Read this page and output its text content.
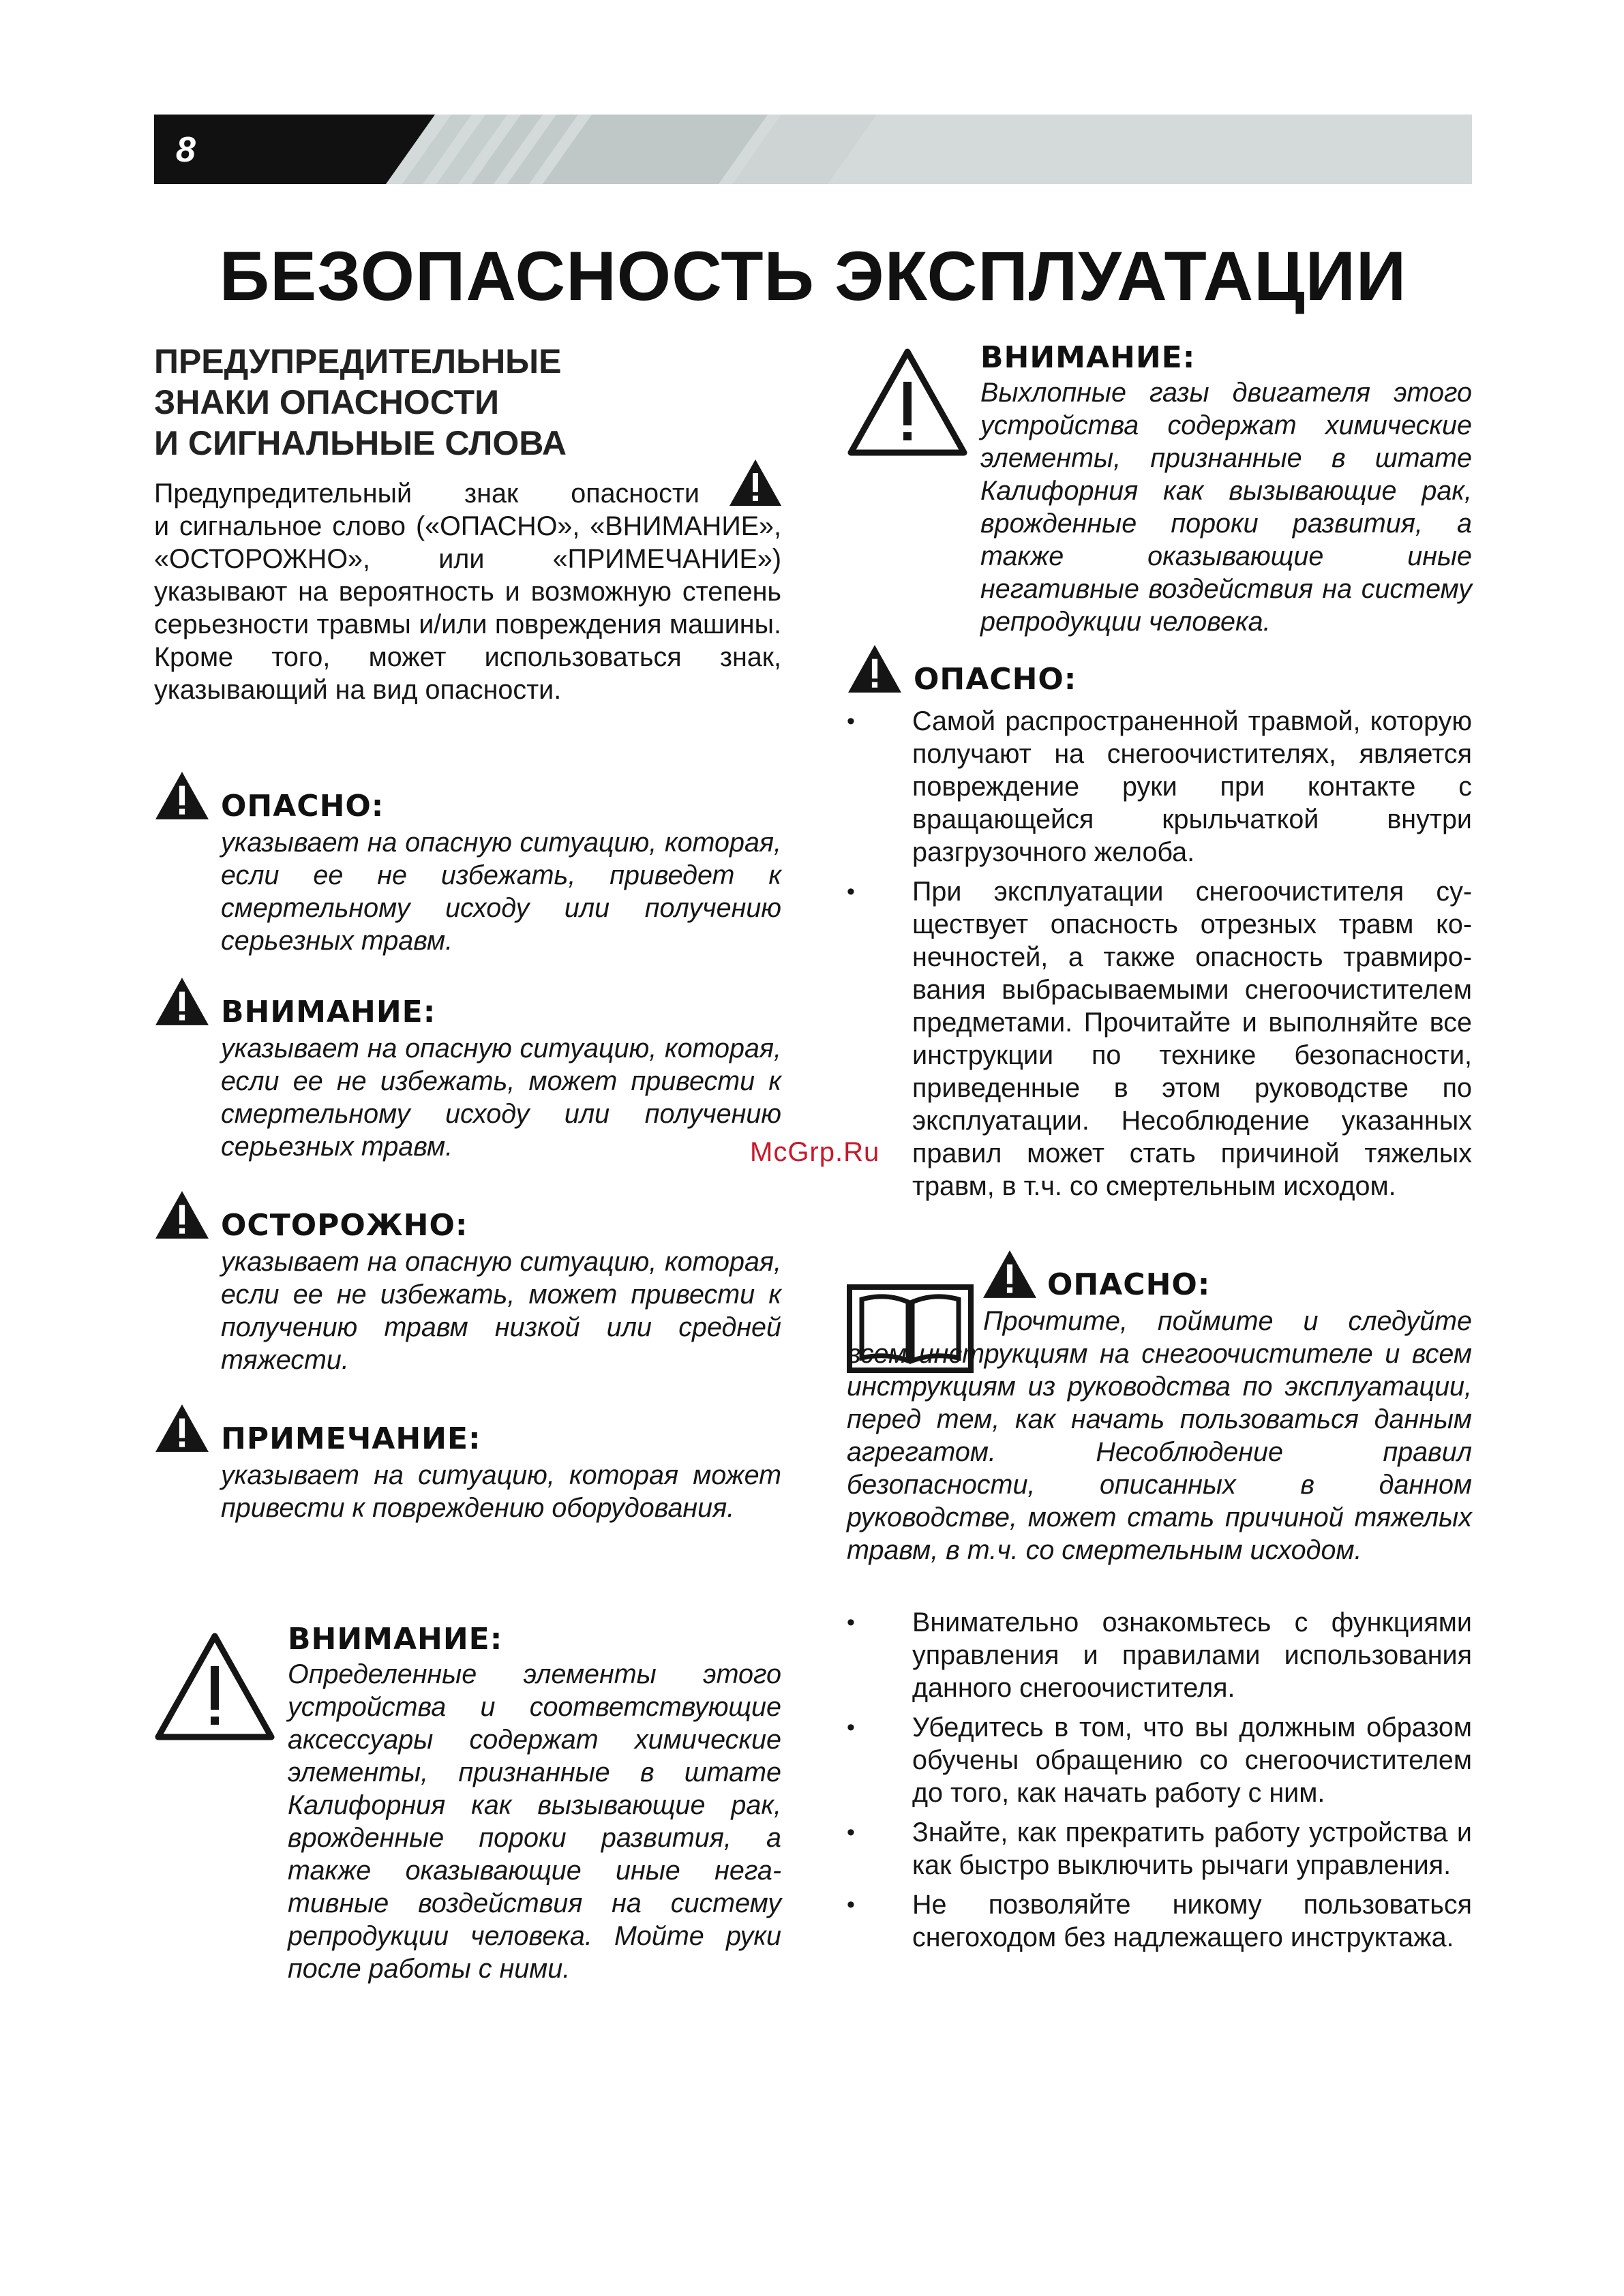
8
БЕЗОПАСНОСТЬ ЭКСПЛУАТАЦИИ

ПРЕДУПРЕДИТЕЛЬНЫЕ

ЗНАКИ ОПАСНОСТИ

И СИГНАЛЬНЫЕ СЛОВА

Предупредительный знак опасности

и сигнальное слово («ОПАСНО», «ВНИМАНИЕ», «ОСТОРОЖНО», или «ПРИМЕЧАНИЕ») указывают на вероятность и возможную степень серьезности травмы и/или повреждения машины. Кроме того, может использоваться знак, указывающий на вид опасности.

ОПАСНО:

указывает на опасную ситуацию, которая, если ее не избежать, приведет к смертельному исходу или получению серьезных травм.

ВНИМАНИЕ:

указывает на опасную ситуацию, которая, если ее не избежать, может привести к смертельному исходу или получению серьезных травм.

ОСТОРОЖНО:

указывает на опасную ситуацию, которая, если ее не избежать, может привести к получению травм низкой или средней тяжести.

ПРИМЕЧАНИЕ:

указывает на ситуацию, которая может привести к повреждению оборудования.

ВНИМАНИЕ:

Определенные элементы этого устройства и соответствующие аксессуары содержат химические элементы, признанные в штате Калифорния как вызывающие рак, врожденные пороки развития, а также оказывающие иные негативные воздействия на систему репродукции человека. Мойте руки после работы с ними.

ВНИМАНИЕ:

Выхлопные газы двигателя этого устройства содержат химические элементы, признанные в штате Калифорния как вызывающие рак, врожденные пороки развития, а также оказывающие иные негативные воздействия на систему репродукции человека.

ОПАСНО:
•	Самой распространенной травмой, которую получают на снегоочистителях, является повреждение руки при контакте с вращающейся крыльчаткой внутри разгрузочного желоба.

•	При эксплуатации снегоочистителя существует опасность отрезных травм конечностей, а также опасность травмирования выбрасываемыми снегоочистителем предметами. Прочитайте и выполняйте все инструкции по технике безопасности, приведенные в этом руководстве по эксплуатации. Несоблюдение указанных правил может стать причиной тяжелых травм, в т.ч. со смертельным исходом.

ОПАСНО:

Прочтите, поймите и следуйте всем инструкциям на снегоочистителе и всем инструкциям из руководства по эксплуатации, перед тем, как начать пользоваться данным агрегатом. Несоблюдение правил безопасности, описанных в данном руководстве, может стать причиной тяжелых травм, в т.ч. со смертельным исходом.

•	Внимательно ознакомьтесь с функциями управления и правилами использования данного снегоочистителя.

•	Убедитесь в том, что вы должным образом обучены обращению со снегоочистителем до того, как начать работу с ним.

•	Знайте, как прекратить работу устройства и как быстро выключить рычаги управления.

•	Не позволяйте никому пользоваться снегоходом без надлежащего инструктажа.

McGrp.Ru
